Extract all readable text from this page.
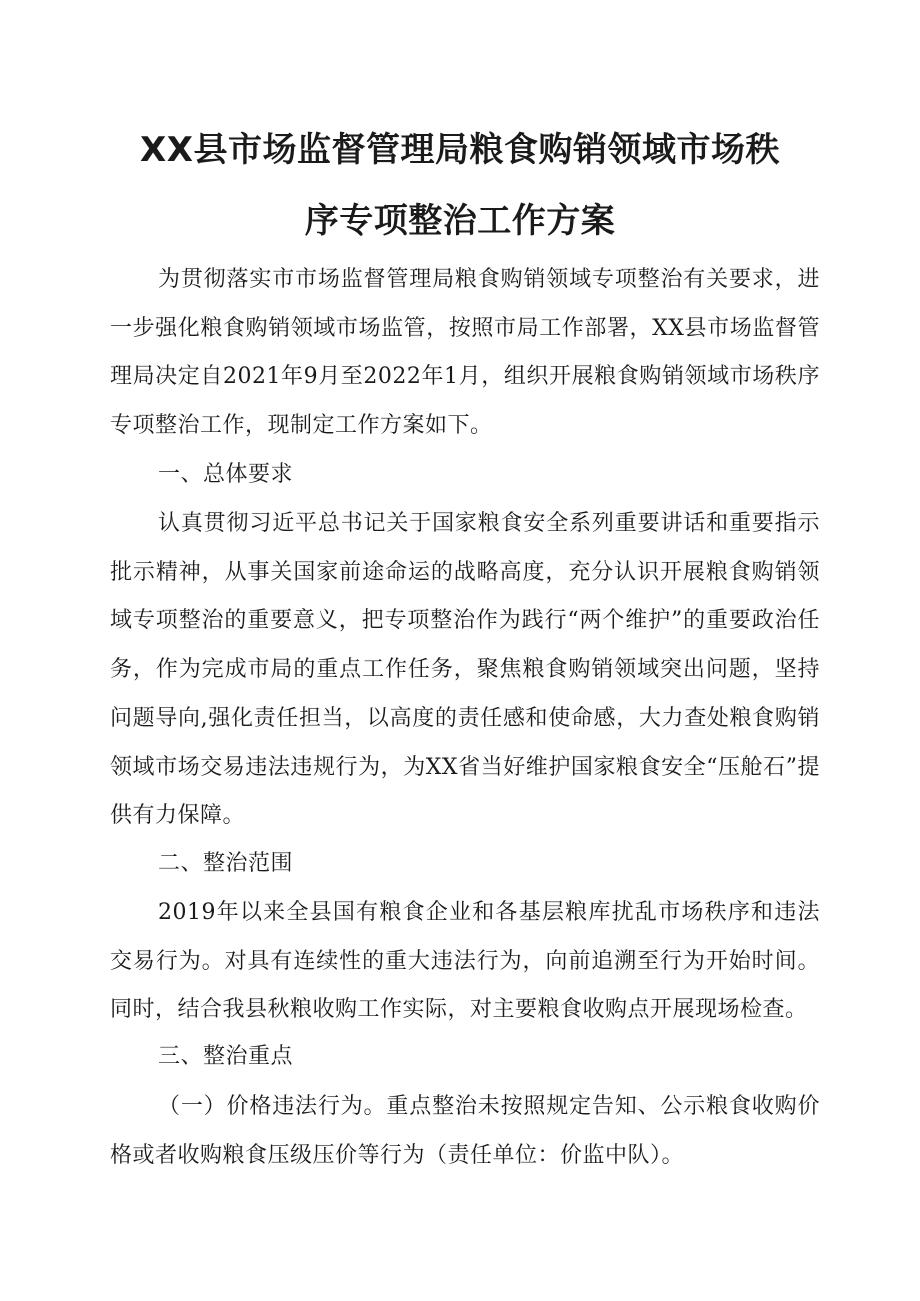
XX县市场监督管理局粮食购销领域市场秩
序专项整治工作方案

为贯彻落实市市场监督管理局粮食购销领域专项整治有关要求，进一步强化粮食购销领域市场监管，按照市局工作部署，XX县市场监督管理局决定自2021年9月至2022年1月，组织开展粮食购销领域市场秩序专项整治工作，现制定工作方案如下。

一、总体要求

认真贯彻习近平总书记关于国家粮食安全系列重要讲话和重要指示批示精神，从事关国家前途命运的战略高度，充分认识开展粮食购销领域专项整治的重要意义，把专项整治作为践行“两个维护”的重要政治任务，作为完成市局的重点工作任务，聚焦粮食购销领域突出问题，坚持问题导向,强化责任担当，以高度的责任感和使命感，大力查处粮食购销领域市场交易违法违规行为，为XX省当好维护国家粮食安全“压舱石”提供有力保障。

二、整治范围

2019年以来全县国有粮食企业和各基层粮库扰乱市场秩序和违法交易行为。对具有连续性的重大违法行为，向前追溯至行为开始时间。同时，结合我县秋粮收购工作实际，对主要粮食收购点开展现场检查。

三、整治重点

（一）价格违法行为。重点整治未按照规定告知、公示粮食收购价格或者收购粮食压级压价等行为（责任单位：价监中队）。
